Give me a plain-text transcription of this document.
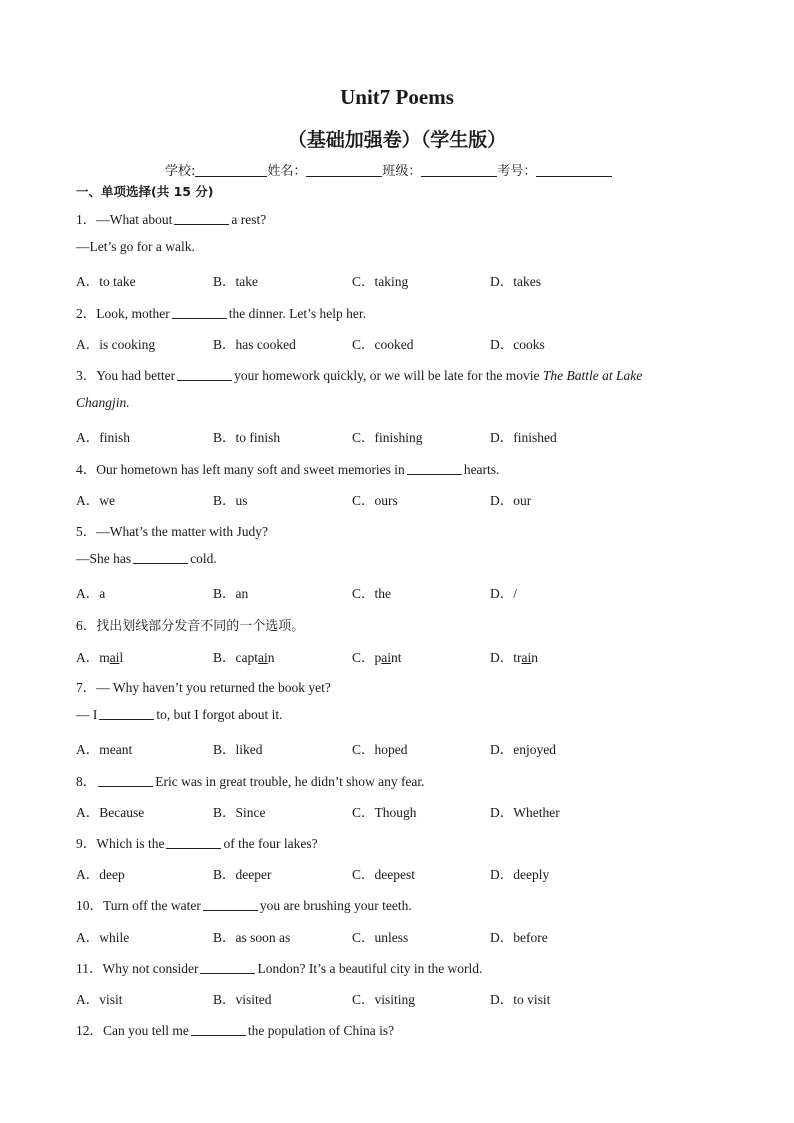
Unit7 Poems
（基础加强卷）（学生版）
学校:	姓名：	班级：	考号：
一、单项选择(共 15 分)
1．—What about	a rest?
—Let’s go for a walk.
A．to take	B．take	C．taking	D．takes
2．Look, mother	the dinner. Let’s help her.
A．is cooking	B．has cooked	C．cooked	D．cooks
3．You had better	your homework quickly, or we will be late for the movie The Battle at Lake
Changjin.
A．finish	B．to finish	C．finishing	D．finished
4．Our hometown has left many soft and sweet memories in	hearts.
A．we	B．us	C．ours	D．our
5．—What’s the matter with Judy?
—She has	cold.
A．a	B．an	C．the	D．/
6．找出划线部分发音不同的一个选项。
A．mail	B．captain	C．paint	D．train
7．— Why haven’t you returned the book yet?
— I	to, but I forgot about it.
A．meant	B．liked	C．hoped	D．enjoyed
8．	Eric was in great trouble, he didn’t show any fear.
A．Because	B．Since	C．Though	D．Whether
9．Which is the	of the four lakes?
A．deep	B．deeper	C．deepest	D．deeply
10．Turn off the water	you are brushing your teeth.
A．while	B．as soon as	C．unless	D．before
11．Why not consider	London? It’s a beautiful city in the world.
A．visit	B．visited	C．visiting	D．to visit
12．Can you tell me	the population of China is?
